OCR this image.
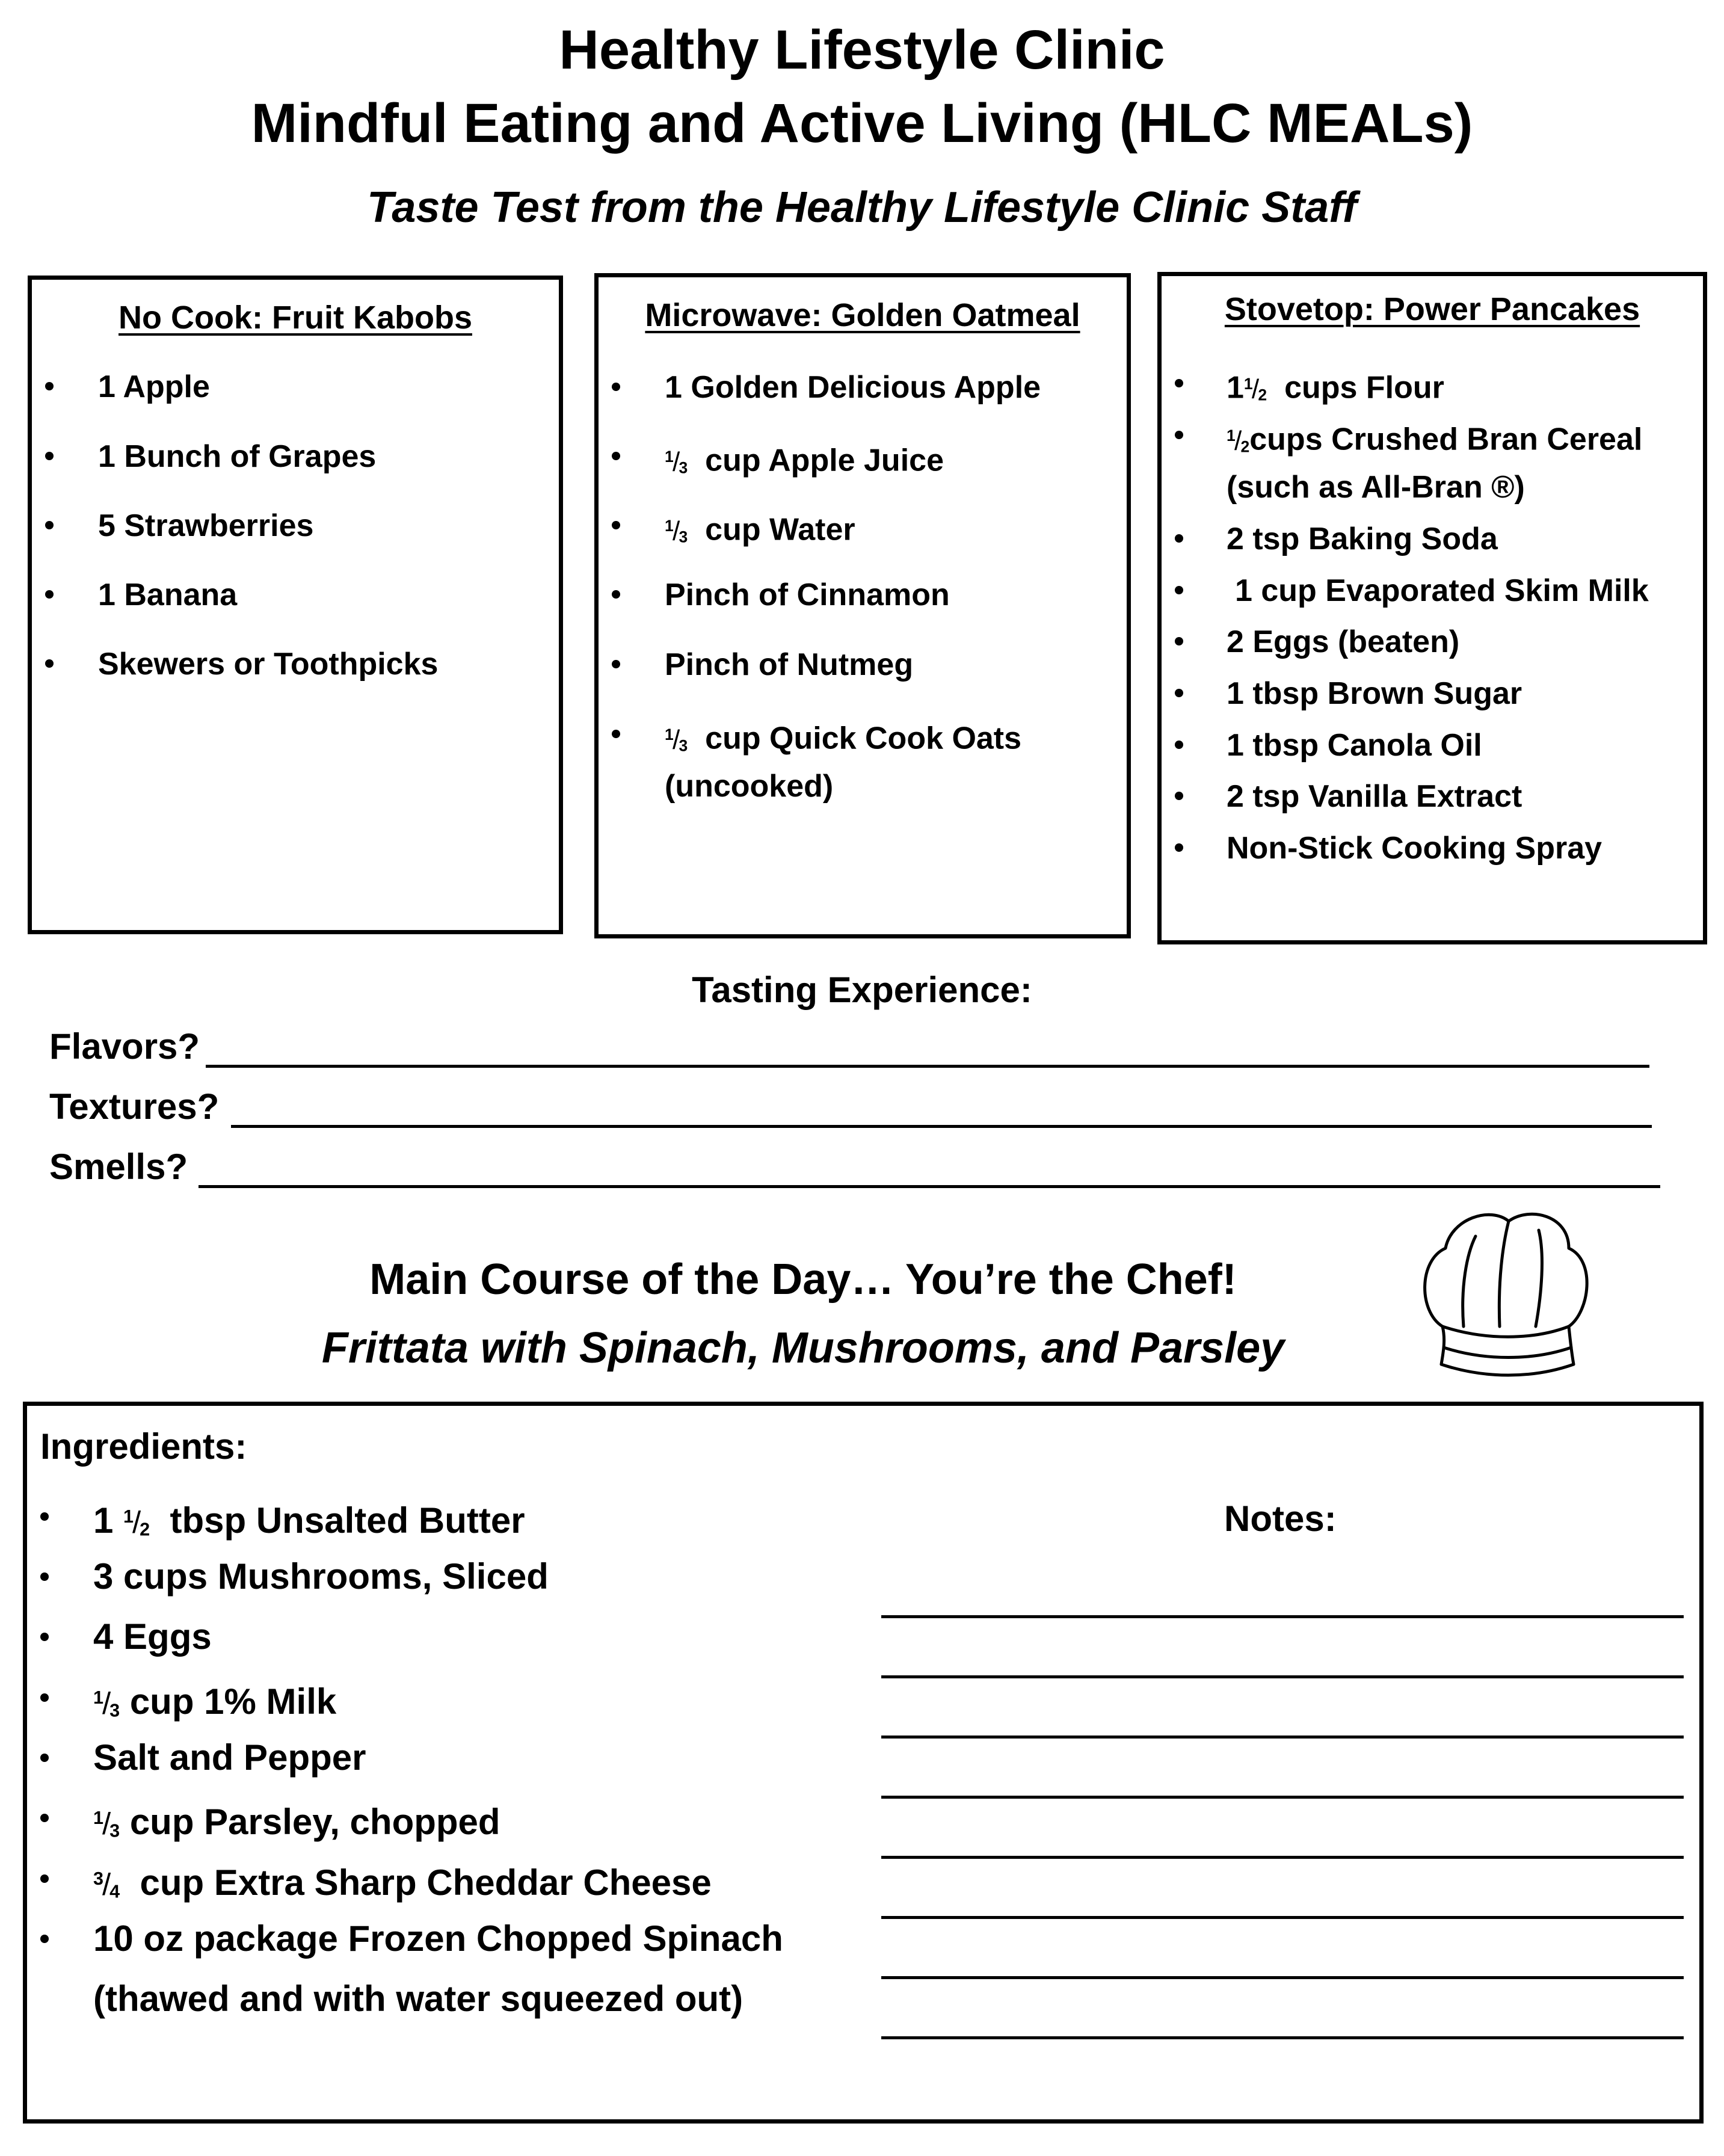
Healthy Lifestyle Clinic
Mindful Eating and Active Living (HLC MEALs)
Taste Test from the Healthy Lifestyle Clinic Staff
No Cook: Fruit Kabobs
1 Apple
1 Bunch of Grapes
5 Strawberries
1 Banana
Skewers or Toothpicks
Microwave: Golden Oatmeal
1 Golden Delicious Apple
$^1/_3$ cup Apple Juice
$^1/_3$ cup Water
Pinch of Cinnamon
Pinch of Nutmeg
$^1/_3$ cup Quick Cook Oats
(uncooked)
Stovetop: Power Pancakes
$1^1/_2$ cups Flour
$^1/_2cups$ Crushed Bran Cereal
(such as All-Bran ®)
2 tsp Baking Soda
1 cup Evaporated Skim Milk
2 Eggs (beaten)
1 tbsp Brown Sugar
1 tbsp Canola Oil
2 tsp Vanilla Extract
Non-Stick Cooking Spray
Tasting Experience:
Flavors?
Textures?
Smells?
Main Course of the Day… You’re the Chef!
Frittata with Spinach, Mushrooms, and Parsley
Ingredients:
Notes:
1 $^1/_2$ tbsp Unsalted Butter
3 cups Mushrooms, Sliced
4 Eggs
$^1/_3$ cup 1% Milk
Salt and Pepper
$^1/_3$ cup Parsley, chopped
$^3/_4$ cup Extra Sharp Cheddar Cheese
10 oz package Frozen Chopped Spinach
(thawed and with water squeezed out)
